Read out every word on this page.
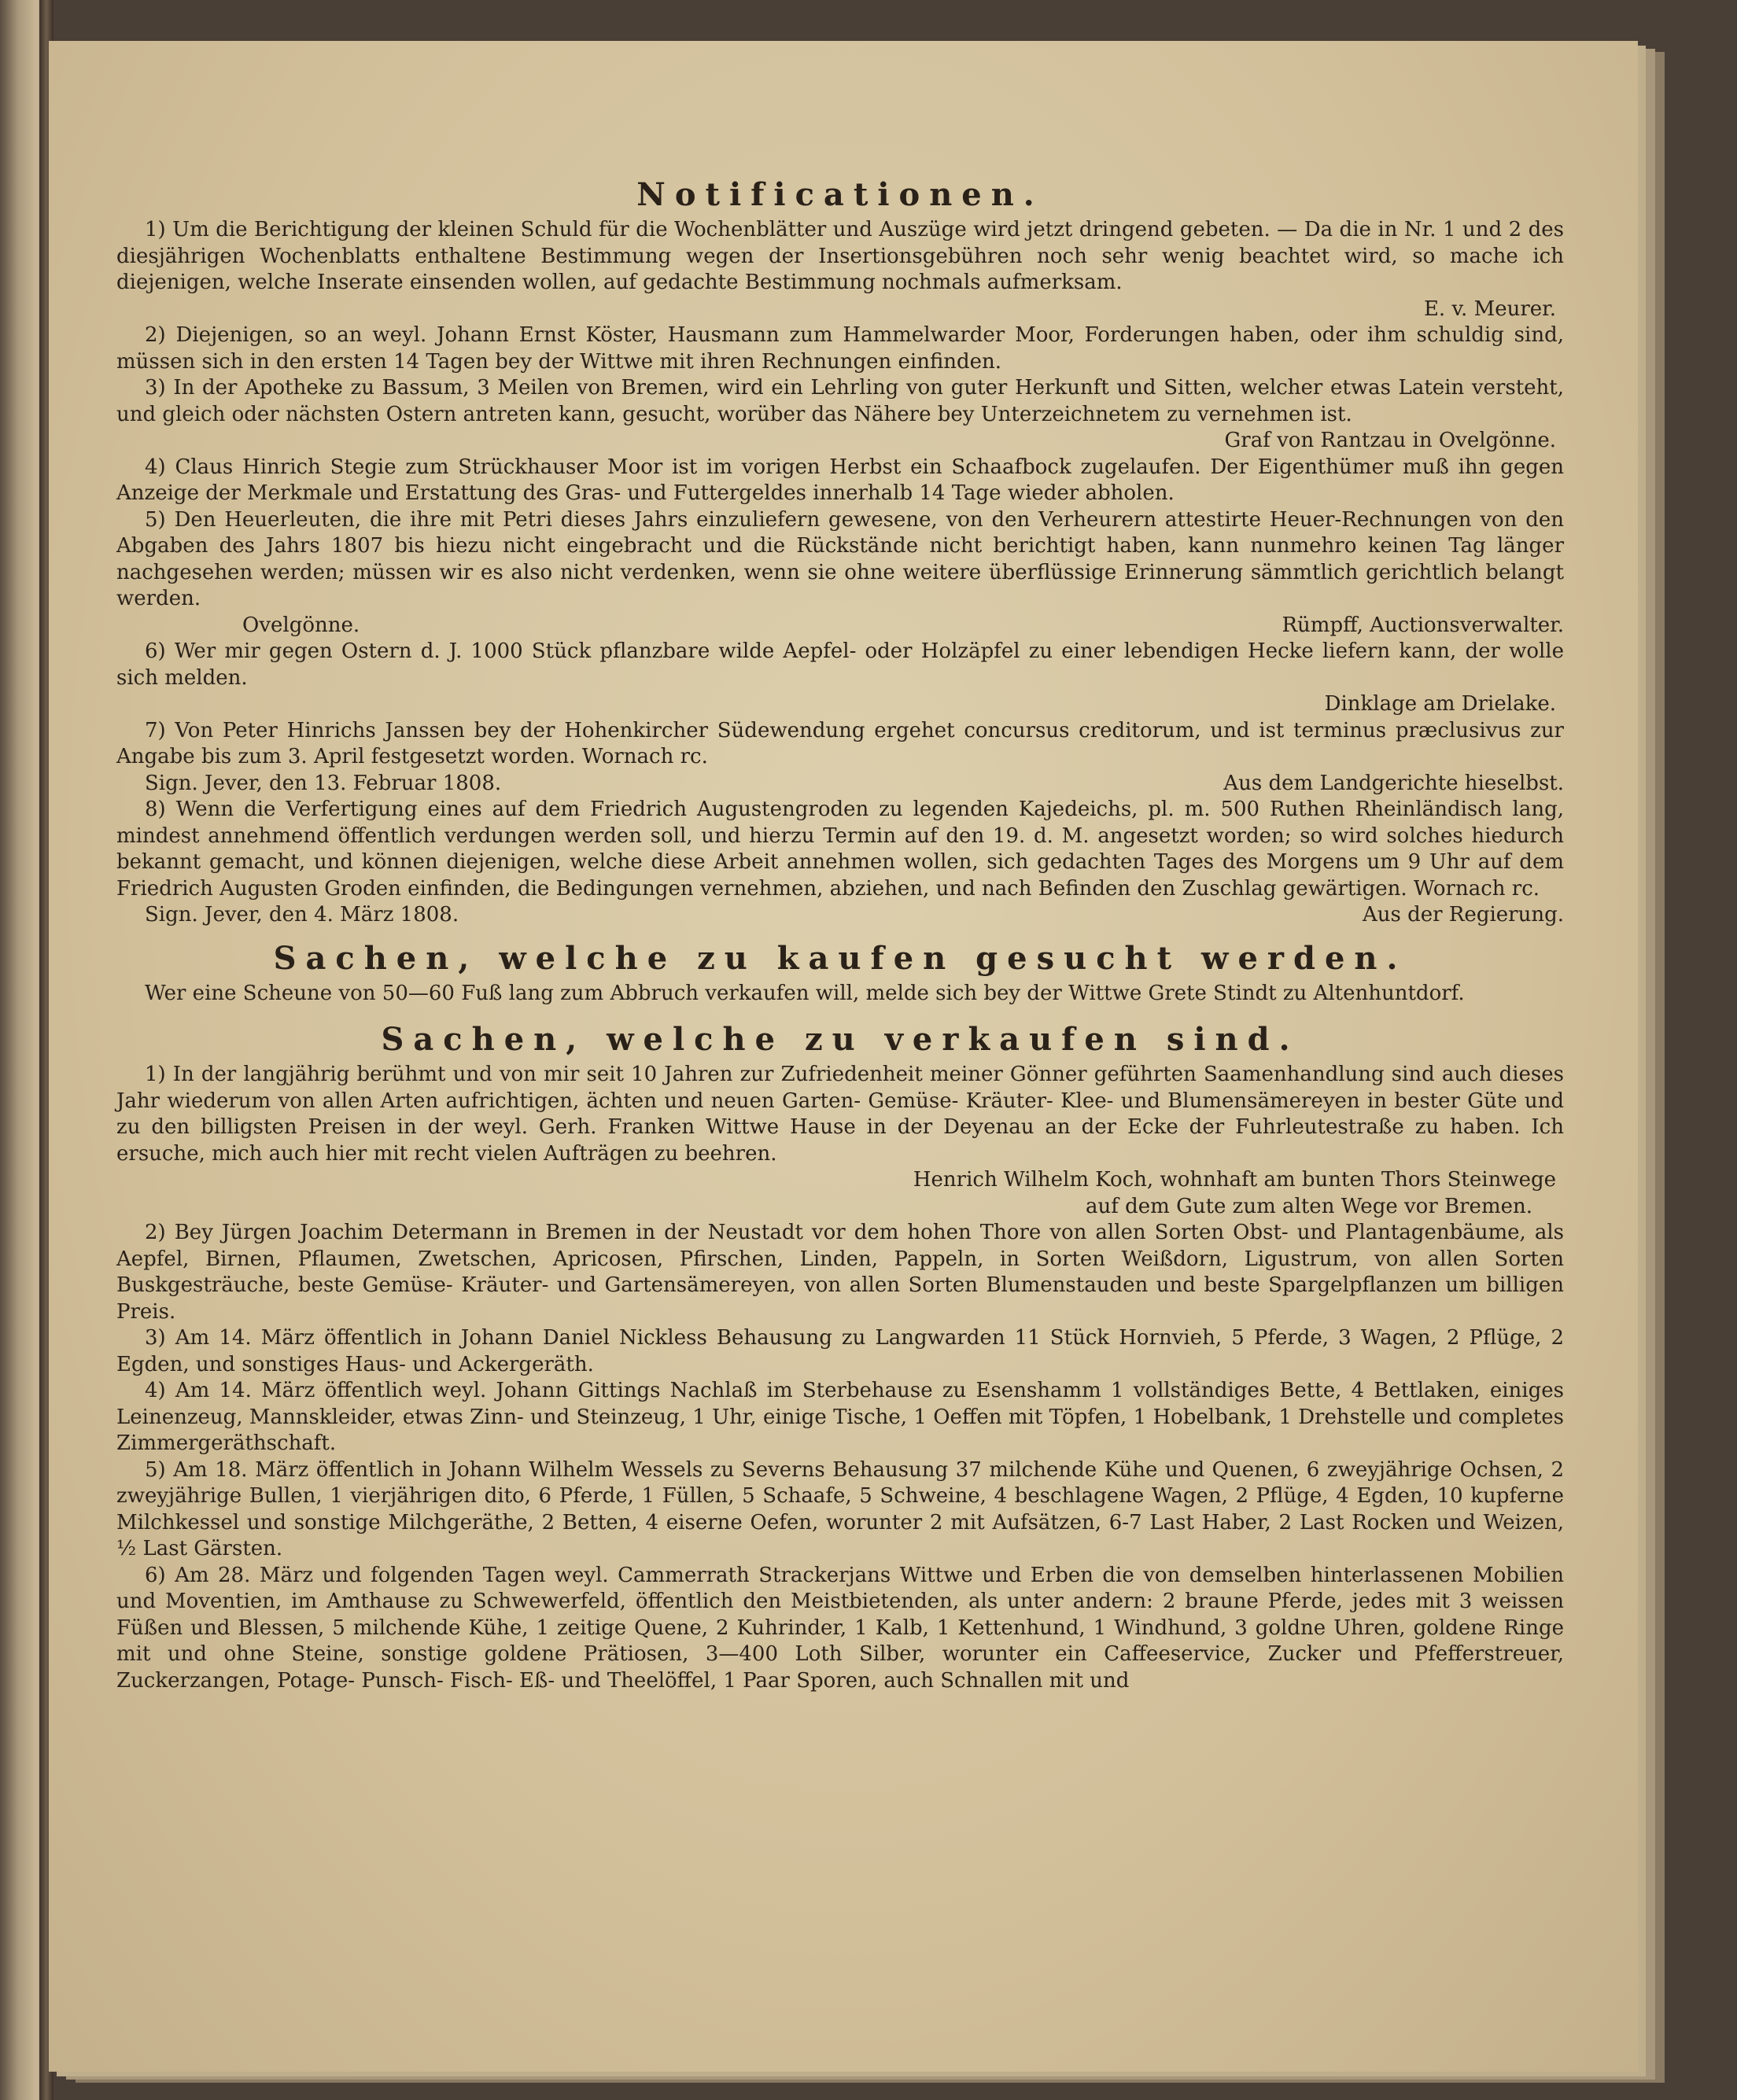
Notificationen.

1) Um die Berichtigung der kleinen Schuld für die Wochenblätter und Auszüge wird jetzt dringend gebeten. — Da die in Nr. 1 und 2 des diesjährigen Wochenblatts enthaltene Bestimmung wegen der Insertionsgebühren noch sehr wenig beachtet wird, so mache ich diejenigen, welche Inserate einsenden wollen, auf gedachte Bestimmung nochmals aufmerksam.

E. v. Meurer.

2) Diejenigen, so an weyl. Johann Ernst Köster, Hausmann zum Hammelwarder Moor, Forderungen haben, oder ihm schuldig sind, müssen sich in den ersten 14 Tagen bey der Wittwe mit ihren Rechnungen einfinden.

3) In der Apotheke zu Bassum, 3 Meilen von Bremen, wird ein Lehrling von guter Herkunft und Sitten, welcher etwas Latein versteht, und gleich oder nächsten Ostern antreten kann, gesucht, worüber das Nähere bey Unterzeichnetem zu vernehmen ist.

Graf von Rantzau in Ovelgönne.

4) Claus Hinrich Stegie zum Strückhauser Moor ist im vorigen Herbst ein Schaafbock zugelaufen. Der Eigenthümer muß ihn gegen Anzeige der Merkmale und Erstattung des Gras- und Futtergeldes innerhalb 14 Tage wieder abholen.

5) Den Heuerleuten, die ihre mit Petri dieses Jahrs einzuliefern gewesene, von den Verheurern attestirte Heuer-Rechnungen von den Abgaben des Jahrs 1807 bis hiezu nicht eingebracht und die Rückstände nicht berichtigt haben, kann nunmehro keinen Tag länger nachgesehen werden; müssen wir es also nicht verdenken, wenn sie ohne weitere überflüssige Erinnerung sämmtlich gerichtlich belangt werden.

Ovelgönne.	Rümpff, Auctionsverwalter.

6) Wer mir gegen Ostern d. J. 1000 Stück pflanzbare wilde Aepfel- oder Holzäpfel zu einer lebendigen Hecke liefern kann, der wolle sich melden.

Dinklage am Drielake.

7) Von Peter Hinrichs Janssen bey der Hohenkircher Südewendung ergehet concursus creditorum, und ist terminus præclusivus zur Angabe bis zum 3. April festgesetzt worden. Wornach rc.

Sign. Jever, den 13. Februar 1808.	Aus dem Landgerichte hieselbst.

8) Wenn die Verfertigung eines auf dem Friedrich Augustengroden zu legenden Kajedeichs, pl. m. 500 Ruthen Rheinländisch lang, mindest annehmend öffentlich verdungen werden soll, und hierzu Termin auf den 19. d. M. angesetzt worden; so wird solches hiedurch bekannt gemacht, und können diejenigen, welche diese Arbeit annehmen wollen, sich gedachten Tages des Morgens um 9 Uhr auf dem Friedrich Augusten Groden einfinden, die Bedingungen vernehmen, abziehen, und nach Befinden den Zuschlag gewärtigen. Wornach rc.

Sign. Jever, den 4. März 1808.	Aus der Regierung.

Sachen, welche zu kaufen gesucht werden.

Wer eine Scheune von 50—60 Fuß lang zum Abbruch verkaufen will, melde sich bey der Wittwe Grete Stindt zu Altenhuntdorf.

Sachen, welche zu verkaufen sind.

1) In der langjährig berühmt und von mir seit 10 Jahren zur Zufriedenheit meiner Gönner geführten Saamenhandlung sind auch dieses Jahr wiederum von allen Arten aufrichtigen, ächten und neuen Garten- Gemüse- Kräuter- Klee- und Blumensämereyen in bester Güte und zu den billigsten Preisen in der weyl. Gerh. Franken Wittwe Hause in der Deyenau an der Ecke der Fuhrleutestraße zu haben. Ich ersuche, mich auch hier mit recht vielen Aufträgen zu beehren.

Henrich Wilhelm Koch, wohnhaft am bunten Thors Steinwege

auf dem Gute zum alten Wege vor Bremen.

2) Bey Jürgen Joachim Determann in Bremen in der Neustadt vor dem hohen Thore von allen Sorten Obst- und Plantagenbäume, als Aepfel, Birnen, Pflaumen, Zwetschen, Apricosen, Pfirschen, Linden, Pappeln, in Sorten Weißdorn, Ligustrum, von allen Sorten Buskgesträuche, beste Gemüse- Kräuter- und Gartensämereyen, von allen Sorten Blumenstauden und beste Spargelpflanzen um billigen Preis.

3) Am 14. März öffentlich in Johann Daniel Nickless Behausung zu Langwarden 11 Stück Hornvieh, 5 Pferde, 3 Wagen, 2 Pflüge, 2 Egden, und sonstiges Haus- und Ackergeräth.

4) Am 14. März öffentlich weyl. Johann Gittings Nachlaß im Sterbehause zu Esenshamm 1 vollständiges Bette, 4 Bettlaken, einiges Leinenzeug, Mannskleider, etwas Zinn- und Steinzeug, 1 Uhr, einige Tische, 1 Oeffen mit Töpfen, 1 Hobelbank, 1 Drehstelle und completes Zimmergeräthschaft.

5) Am 18. März öffentlich in Johann Wilhelm Wessels zu Severns Behausung 37 milchende Kühe und Quenen, 6 zweyjährige Ochsen, 2 zweyjährige Bullen, 1 vierjährigen dito, 6 Pferde, 1 Füllen, 5 Schaafe, 5 Schweine, 4 beschlagene Wagen, 2 Pflüge, 4 Egden, 10 kupferne Milchkessel und sonstige Milchgeräthe, 2 Betten, 4 eiserne Oefen, worunter 2 mit Aufsätzen, 6-7 Last Haber, 2 Last Rocken und Weizen, ½ Last Gärsten.

6) Am 28. März und folgenden Tagen weyl. Cammerrath Strackerjans Wittwe und Erben die von demselben hinterlassenen Mobilien und Moventien, im Amthause zu Schwewerfeld, öffentlich den Meistbietenden, als unter andern: 2 braune Pferde, jedes mit 3 weissen Füßen und Blessen, 5 milchende Kühe, 1 zeitige Quene, 2 Kuhrinder, 1 Kalb, 1 Kettenhund, 1 Windhund, 3 goldne Uhren, goldene Ringe mit und ohne Steine, sonstige goldene Prätiosen, 3—400 Loth Silber, worunter ein Caffeeservice, Zucker und Pfefferstreuer, Zuckerzangen, Potage- Punsch- Fisch- Eß- und Theelöffel, 1 Paar Sporen, auch Schnallen mit und
